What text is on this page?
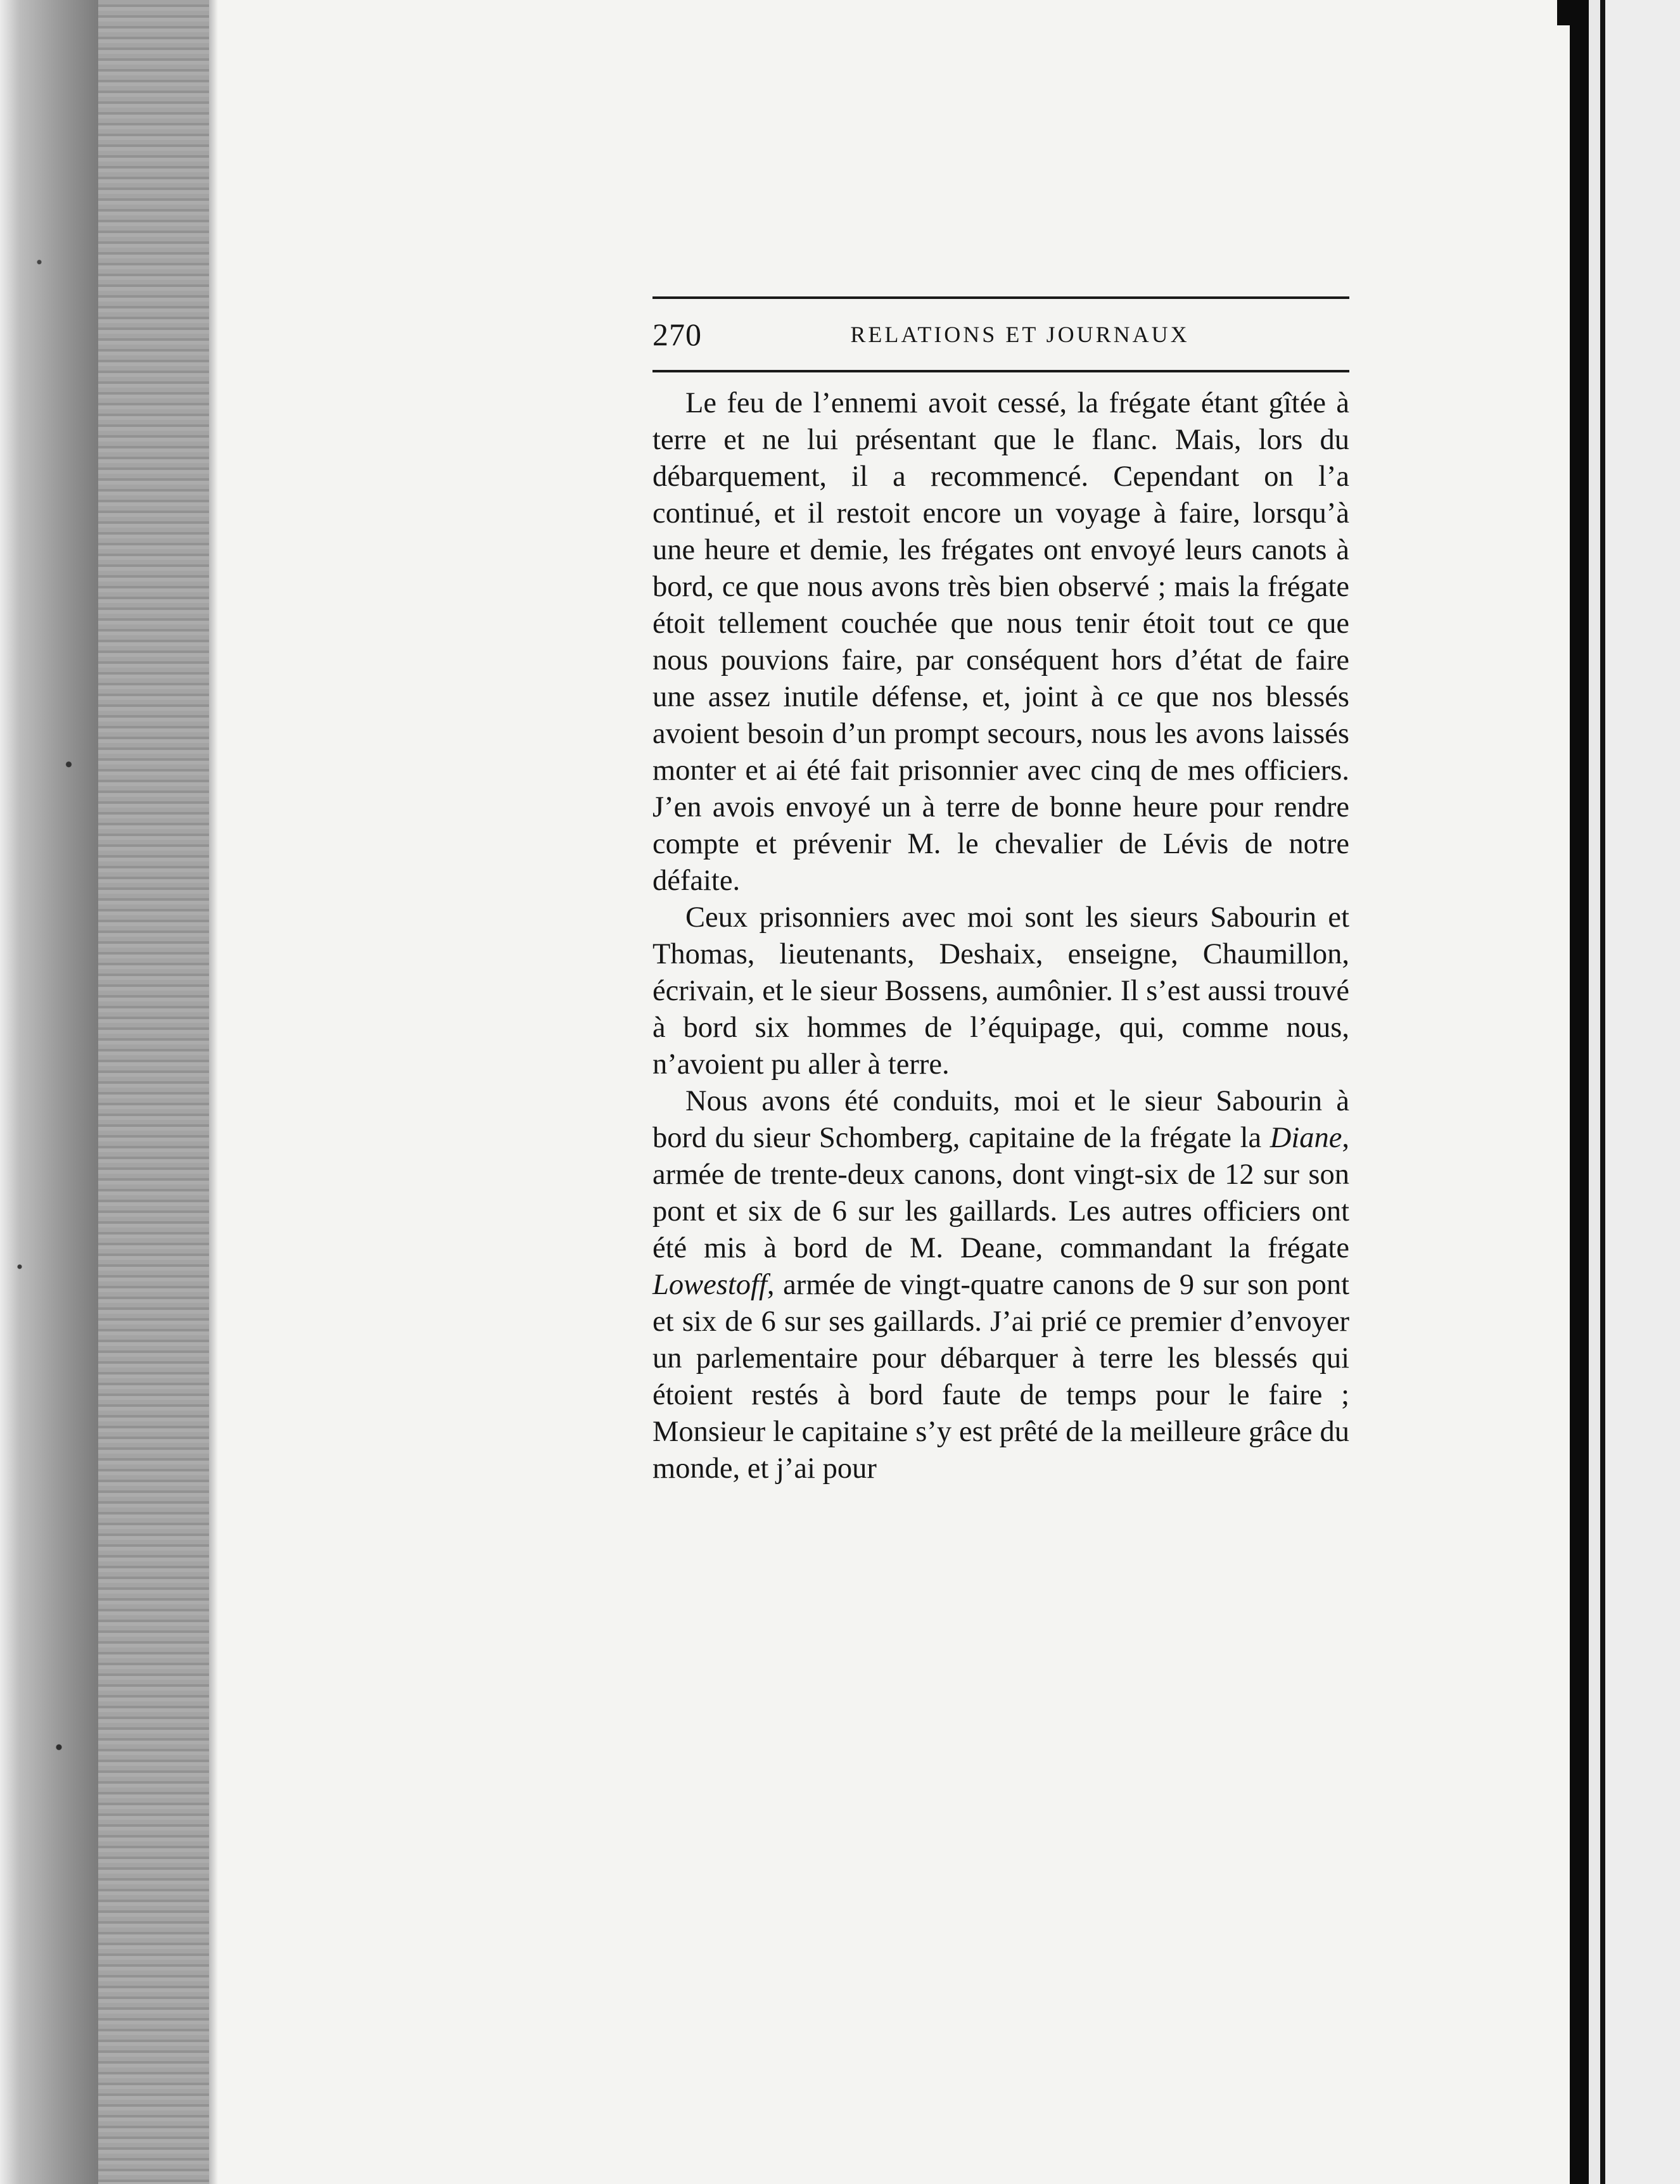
270	RELATIONS ET JOURNAUX

Le feu de l’ennemi avoit cessé, la frégate étant gîtée à terre et ne lui présentant que le flanc. Mais, lors du débarquement, il a recommencé. Cependant on l’a continué, et il restoit encore un voyage à faire, lorsqu’à une heure et demie, les frégates ont envoyé leurs canots à bord, ce que nous avons très bien observé ; mais la frégate étoit tellement couchée que nous tenir étoit tout ce que nous pouvions faire, par conséquent hors d’état de faire une assez inutile défense, et, joint à ce que nos blessés avoient besoin d’un prompt secours, nous les avons laissés monter et ai été fait prisonnier avec cinq de mes officiers. J’en avois envoyé un à terre de bonne heure pour rendre compte et prévenir M. le chevalier de Lévis de notre défaite.

Ceux prisonniers avec moi sont les sieurs Sabourin et Thomas, lieutenants, Deshaix, enseigne, Chaumillon, écrivain, et le sieur Bossens, aumônier. Il s’est aussi trouvé à bord six hommes de l’équipage, qui, comme nous, n’avoient pu aller à terre.

Nous avons été conduits, moi et le sieur Sabourin à bord du sieur Schomberg, capitaine de la frégate la Diane, armée de trente-deux canons, dont vingt-six de 12 sur son pont et six de 6 sur les gaillards. Les autres officiers ont été mis à bord de M. Deane, commandant la frégate Lowestoff, armée de vingt-quatre canons de 9 sur son pont et six de 6 sur ses gaillards. J’ai prié ce premier d’envoyer un parlementaire pour débarquer à terre les blessés qui étoient restés à bord faute de temps pour le faire ; Monsieur le capitaine s’y est prêté de la meilleure grâce du monde, et j’ai pour
